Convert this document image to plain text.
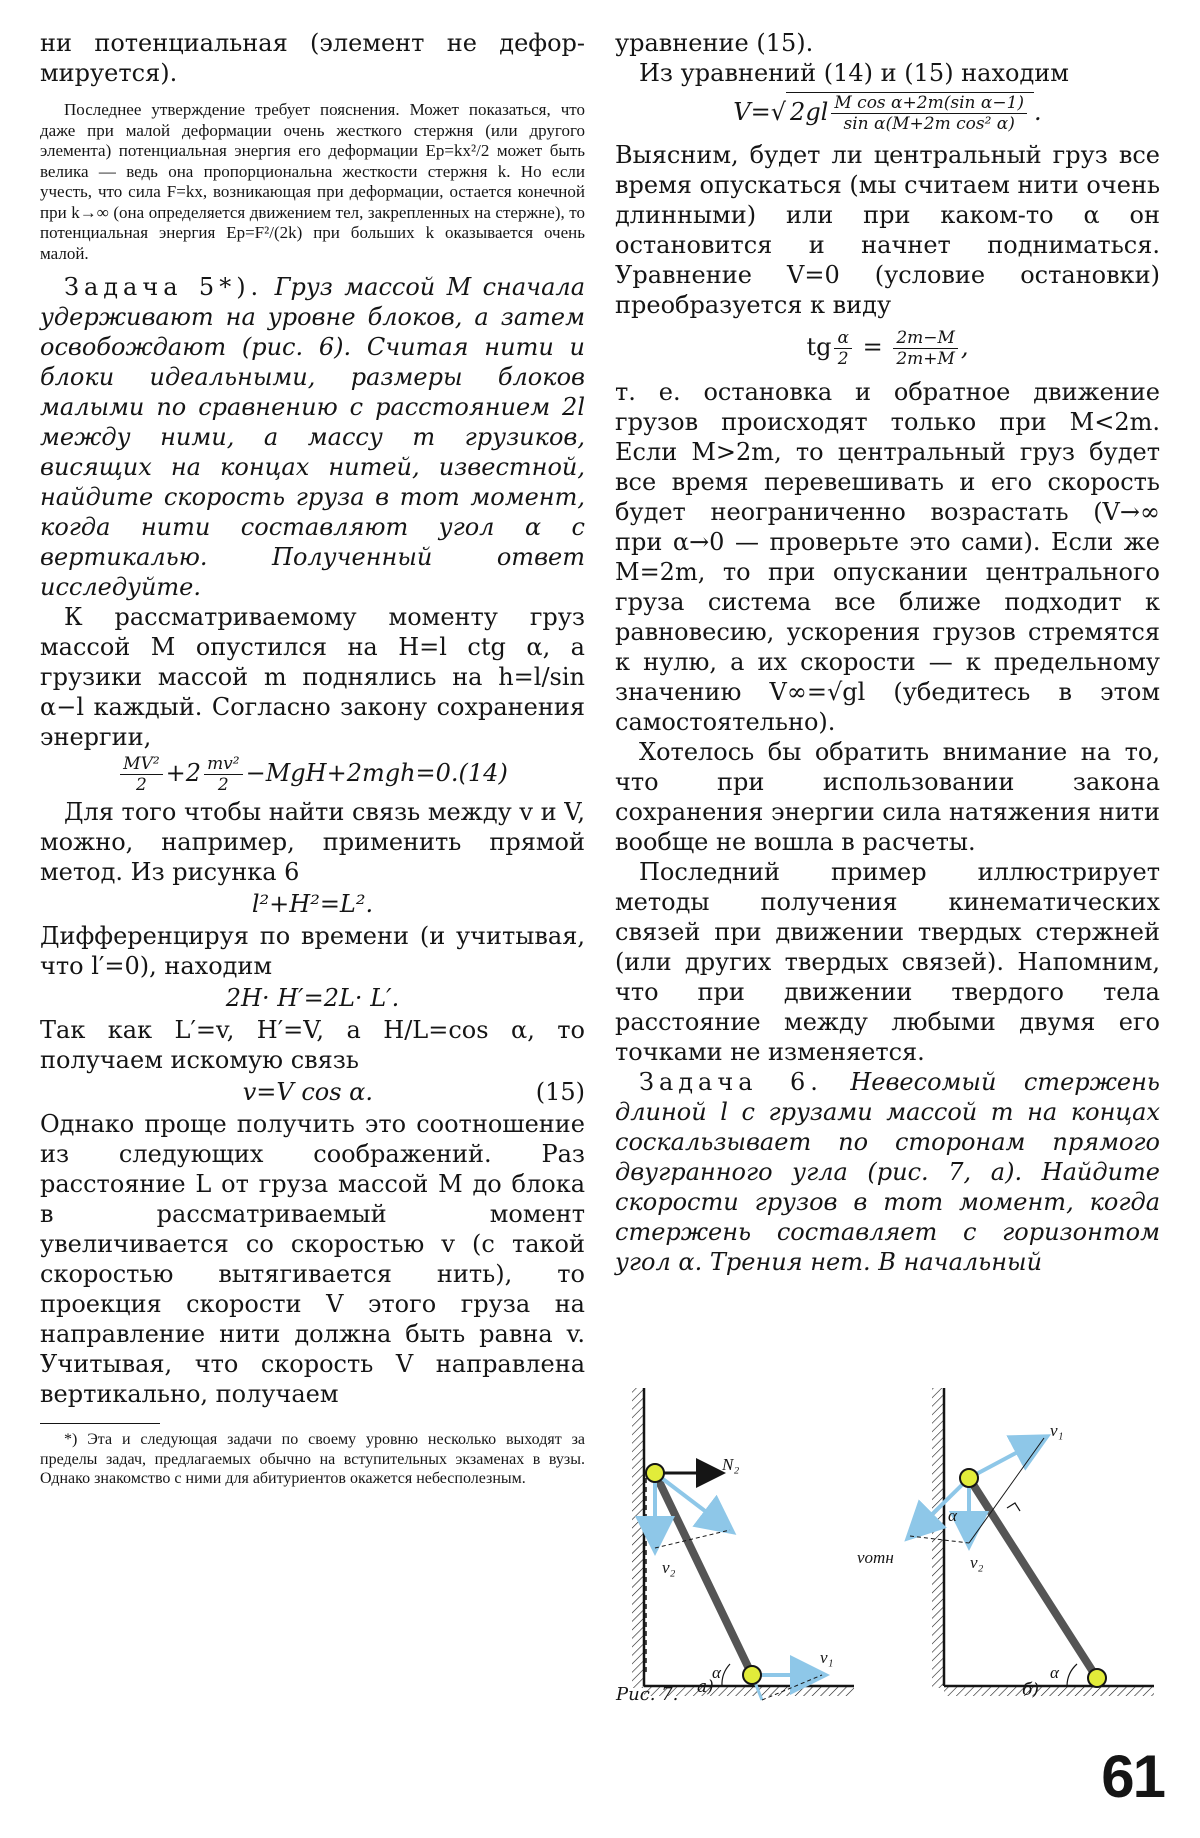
ни потенциальная (элемент не дефор-мируется).

Последнее утверждение требует пояснения. Может показаться, что даже при малой деформации очень жесткого стержня (или другого элемента) потенциальная энергия его деформации Ep=kx²/2 может быть велика — ведь она пропорциональна жесткости стержня k. Но если учесть, что сила F=kx, возникающая при деформации, остается конечной при k→∞ (она определяется движением тел, закрепленных на стержне), то потенциальная энергия Ep=F²/(2k) при больших k оказывается очень малой.

Задача 5*). Груз массой M сначала удерживают на уровне блоков, а затем освобождают (рис. 6). Считая нити и блоки идеальными, размеры блоков малыми по сравнению с расстоянием 2l между ними, а массу m грузиков, висящих на концах нитей, известной, найдите скорость груза в тот момент, когда нити составляют угол α с вертикалью. Полученный ответ исследуйте.

К рассматриваемому моменту груз массой M опустился на H=l ctg α, а грузики массой m поднялись на h=l/sin α−l каждый. Согласно закону сохранения энергии,

$\frac{\text{MV²}}{2} +2 \frac{\text{mv²}}{2} -MgH+2mgh=0.(14)$

Для того чтобы найти связь между v и V, можно, например, применить прямой метод. Из рисунка 6

l²+H²=L².

Дифференцируя по времени (и учитывая, что l′=0), находим

2H· H′=2L· L′.

Так как L′=v, H′=V, а H/L=cos α, то получаем искомую связь

v=V cos α.	(15)

Однако проще получить это соотношение из следующих соображений. Раз расстояние L от груза массой M до блока в рассматриваемый момент увеличивается со скоростью v (с такой скоростью вытягивается нить), то проекция скорости V этого груза на направление нити должна быть равна v. Учитывая, что скорость V направлена вертикально, получаем

*) Эта и следующая задачи по своему уровню несколько выходят за пределы задач, предлагаемых обычно на вступительных экзаменах в вузы. Однако знакомство с ними для абитуриентов окажется небесполезным.

уравнение (15).

Из уравнений (14) и (15) находим

V=√ $2gl \frac{\text{M cos α+2m(sin α−1)}}{\text{sin α(M+2m cos² α)}}$ .

Выясним, будет ли центральный груз все время опускаться (мы считаем нити очень длинными) или при каком-то α он остановится и начнет подниматься. Уравнение V=0 (условие остановки) преобразуется к виду

tg $\frac{\alpha}{2} = \frac{2m-M}{2m+M}$ ,

т. е. остановка и обратное движение грузов происходят только при M<2m. Если M>2m, то центральный груз будет все время перевешивать и его скорость будет неограниченно возрастать (V→∞ при α→0 — проверьте это сами). Если же M=2m, то при опускании центрального груза система все ближе подходит к равновесию, ускорения грузов стремятся к нулю, а их скорости — к предельному значению V∞=√gl (убедитесь в этом самостоятельно).

Хотелось бы обратить внимание на то, что при использовании закона сохранения энергии сила натяжения нити вообще не вошла в расчеты.

Последний пример иллюстрирует методы получения кинематических связей при движении твердых стержней (или других твердых связей). Напомним, что при движении твердого тела расстояние между любыми двумя его точками не изменяется.

Задача 6. Невесомый стержень длиной l с грузами массой m на концах соскальзывает по сторонам прямого двугранного угла (рис. 7, а). Найдите скорости грузов в тот момент, когда стержень составляет с горизонтом угол α. Трения нет. В начальный

N₂
v₂
v₁
α
v₁
α
vотн	v₂
α
Рис. 7. а)	б)
61
